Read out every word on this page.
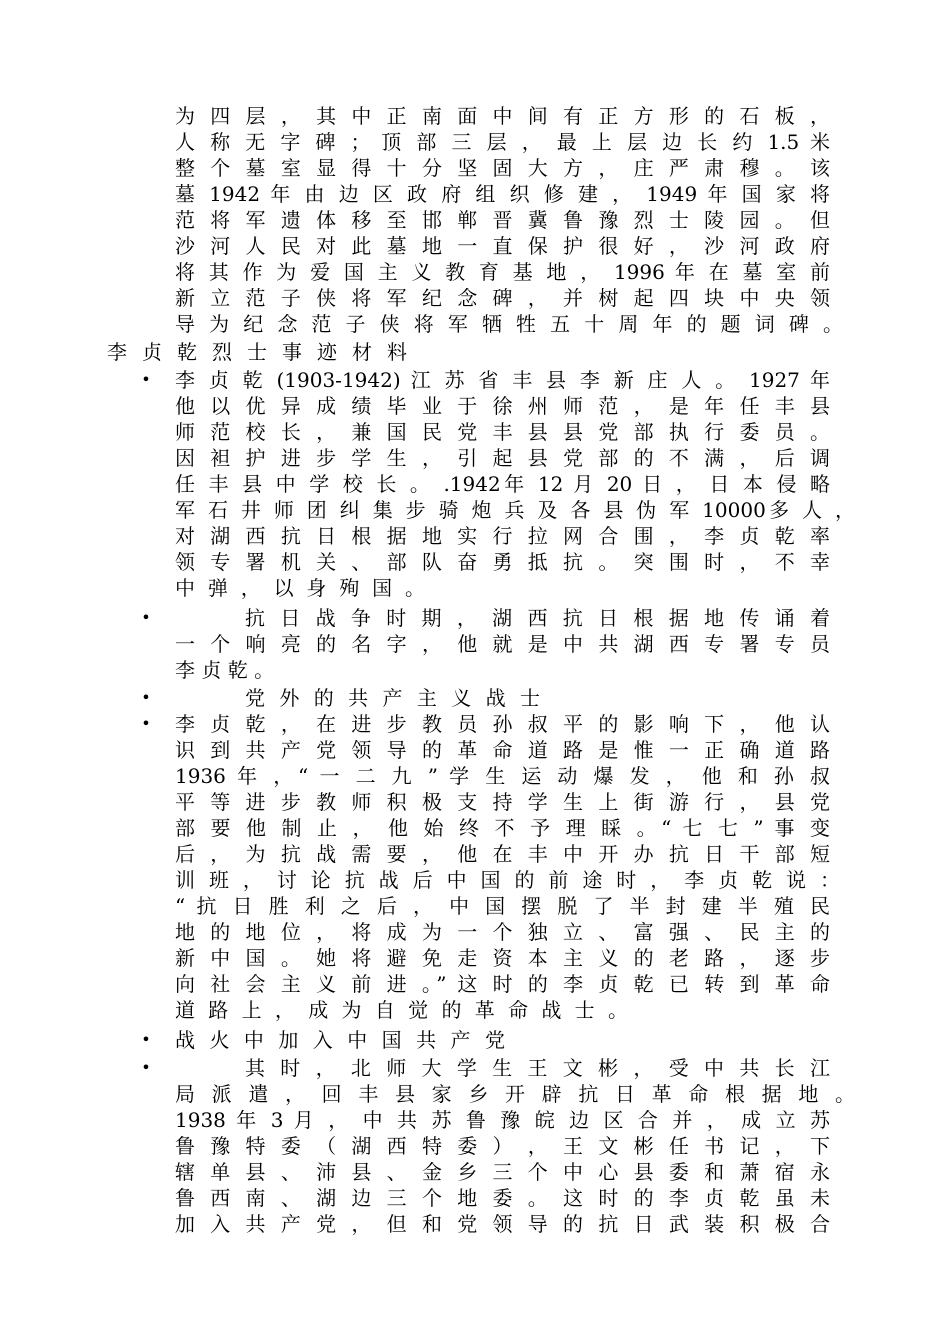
为 四 层 ， 其 中 正 南 面 中 间 有 正 方 形 的 石 板 ，
人 称 无 字 碑 ； 顶 部 三 层 ， 最 上 层 边 长 约 1.5 米
整 个 墓 室 显 得 十 分 坚 固 大 方 ， 庄 严 肃 穆 。 该
墓 1942 年 由 边 区 政 府 组 织 修 建 ， 1949 年 国 家 将
范 将 军 遗 体 移 至 邯 郸 晋 冀 鲁 豫 烈 士 陵 园 。 但
沙 河 人 民 对 此 墓 地 一 直 保 护 很 好 ， 沙 河 政 府
将 其 作 为 爱 国 主 义 教 育 基 地 ， 1996 年 在 墓 室 前
新 立 范 子 侠 将 军 纪 念 碑 ， 并 树 起 四 块 中 央 领
导 为 纪 念 范 子 侠 将 军 牺 牲 五 十 周 年 的 题 词 碑 。
李 贞 乾 烈 士 事 迹 材 料
• 李 贞 乾 (1903-1942) 江 苏 省 丰 县 李 新 庄 人 。 1927 年
他 以 优 异 成 绩 毕 业 于 徐 州 师 范 ， 是 年 任 丰 县
师 范 校 长 ， 兼 国 民 党 丰 县 县 党 部 执 行 委 员 。
因 袒 护 进 步 学 生 ， 引 起 县 党 部 的 不 满 ， 后 调
任 丰 县 中 学 校 长 。 .1942年 12 月 20 日 ， 日 本 侵 略
军 石 井 师 团 纠 集 步 骑 炮 兵 及 各 县 伪 军 10000多 人 ，
对 湖 西 抗 日 根 据 地 实 行 拉 网 合 围 ， 李 贞 乾 率
领 专 署 机 关 、 部 队 奋 勇 抵 抗 。 突 围 时 ， 不 幸
中 弹 ， 以 身 殉 国 。
•	抗 日 战 争 时 期 ， 湖 西 抗 日 根 据 地 传 诵 着
一 个 响 亮 的 名 字 ， 他 就 是 中 共 湖 西 专 署 专 员
李 贞 乾 。
•	党 外 的 共 产 主 义 战 士
• 李 贞 乾 ， 在 进 步 教 员 孙 叔 平 的 影 响 下 ， 他 认
识 到 共 产 党 领 导 的 革 命 道 路 是 惟 一 正 确 道 路
1936 年 ，“ 一 二 九 ” 学 生 运 动 爆 发 ， 他 和 孙 叔
平 等 进 步 教 师 积 极 支 持 学 生 上 街 游 行 ， 县 党
部 要 他 制 止 ， 他 始 终 不 予 理 睬 。“ 七 七 ” 事 变
后 ， 为 抗 战 需 要 ， 他 在 丰 中 开 办 抗 日 干 部 短
训 班 ， 讨 论 抗 战 后 中 国 的 前 途 时 ， 李 贞 乾 说 ：
“ 抗 日 胜 利 之 后 ， 中 国 摆 脱 了 半 封 建 半 殖 民
地 的 地 位 ， 将 成 为 一 个 独 立 、 富 强 、 民 主 的
新 中 国 。 她 将 避 免 走 资 本 主 义 的 老 路 ， 逐 步
向 社 会 主 义 前 进 。” 这 时 的 李 贞 乾 已 转 到 革 命
道 路 上 ， 成 为 自 觉 的 革 命 战 士 。
• 战 火 中 加 入 中 国 共 产 党
•	其 时 ， 北 师 大 学 生 王 文 彬 ， 受 中 共 长 江
局 派 遣 ， 回 丰 县 家 乡 开 辟 抗 日 革 命 根 据 地 。
1938 年 3 月 ， 中 共 苏 鲁 豫 皖 边 区 合 并 ， 成 立 苏
鲁 豫 特 委 （ 湖 西 特 委 ） ， 王 文 彬 任 书 记 ， 下
辖 单 县 、 沛 县 、 金 乡 三 个 中 心 县 委 和 萧 宿 永
鲁 西 南 、 湖 边 三 个 地 委 。 这 时 的 李 贞 乾 虽 未
加 入 共 产 党 ， 但 和 党 领 导 的 抗 日 武 装 积 极 合
